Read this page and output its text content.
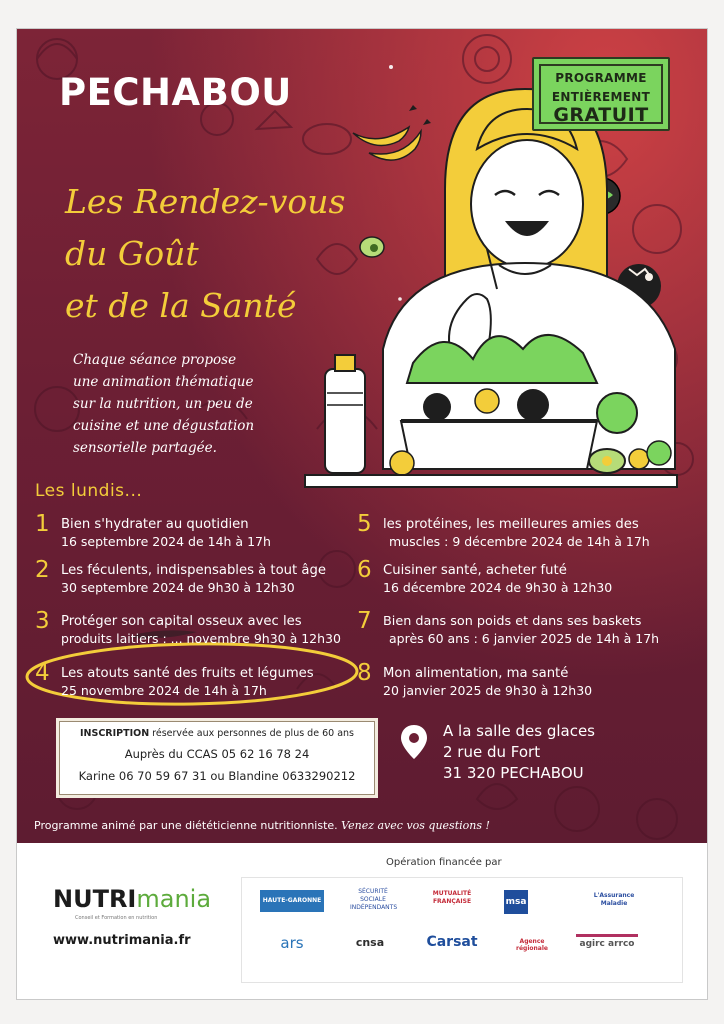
PECHABOU	PROGRAMME
ENTIÈREMENT
GRATUIT
Les Rendez-vous
du Goût
et de la Santé
Chaque séance propose
une animation thématique
sur la nutrition, un peu de
cuisine et une dégustation
sensorielle partagée.
Les lundis...
1 Bien s'hydrater au quotidien
16 septembre 2024 de 14h à 17h
2 Les féculents, indispensables à tout âge
30 septembre 2024 de 9h30 à 12h30
3 Protéger son capital osseux avec les
produits laitiers : ... novembre 9h30 à 12h30
4 Les atouts santé des fruits et légumes
25 novembre 2024 de 14h à 17h
5 les protéines, les meilleures amies des
muscles : 9 décembre 2024 de 14h à 17h
6 Cuisiner santé, acheter futé
16 décembre 2024 de 9h30 à 12h30
7 Bien dans son poids et dans ses baskets
après 60 ans : 6 janvier 2025 de 14h à 17h
8 Mon alimentation, ma santé
20 janvier 2025 de 9h30 à 12h30
INSCRIPTION réservée aux personnes de plus de 60 ans
Auprès du CCAS 05 62 16 78 24
Karine 06 70 59 67 31 ou Blandine 0633290212
A la salle des glaces
2 rue du Fort
31 320 PECHABOU
Programme animé par une diététicienne nutritionniste. Venez avec vos questions !
NUTRImania
Conseil et Formation en nutrition
www.nutrimania.fr
Opération financée par
HAUTE-GARONNE
SÉCURITÉ SOCIALE INDÉPENDANTS
MUTUALITÉ FRANÇAISE	msa
L'Assurance Maladie
ars	cnsa	Carsat	Agence régionale	agirc arrco
